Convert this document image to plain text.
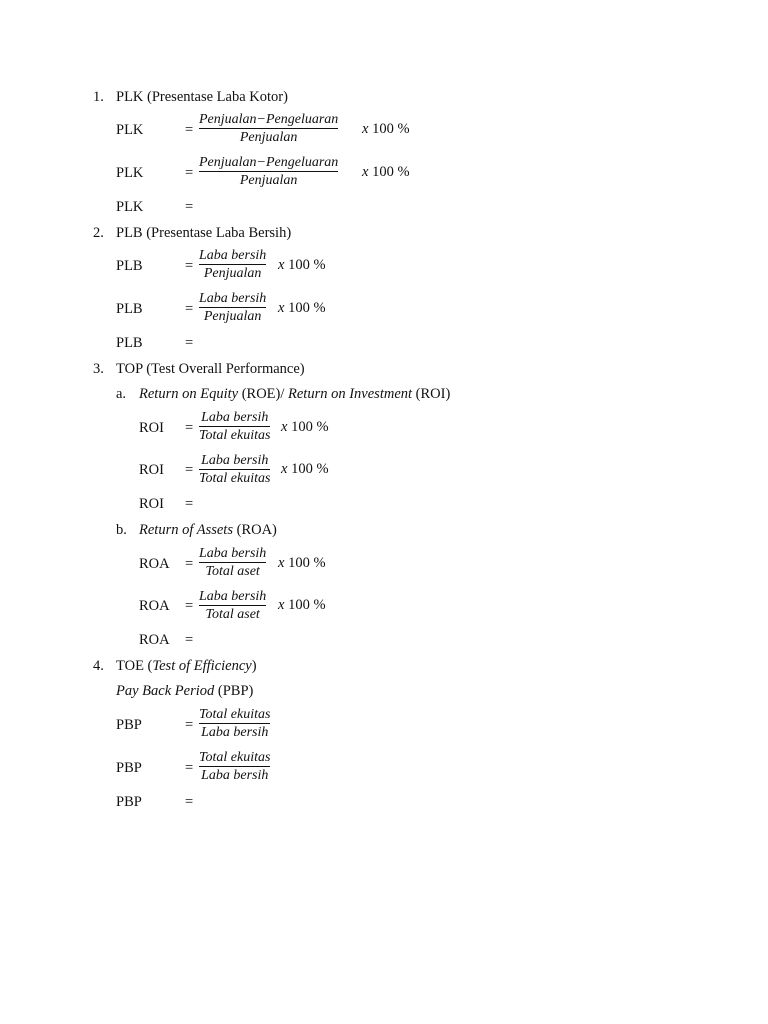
1. PLK (Presentase Laba Kotor)
PLK	=
Penjualan−Pengeluaran
Penjualan
x 100 %
PLK	=
Penjualan−Pengeluaran
Penjualan
x 100 %
PLK	=
2. PLB (Presentase Laba Bersih)
PLB	=
Laba bersih
Penjualan
x 100 %
PLB	=
Laba bersih
Penjualan
x 100 %
PLB	=
3. TOP (Test Overall Performance)
a. Return on Equity (ROE)/ Return on Investment (ROI)
ROI =
Laba bersih
Total ekuitas
x 100 %
ROI =
Laba bersih
Total ekuitas
x 100 %
ROI =
b. Return of Assets (ROA)
ROA =
Laba bersih
Total aset
x 100 %
ROA =
Laba bersih
Total aset
x 100 %
ROA =
4. TOE (Test of Efficiency)
Pay Back Period (PBP)
PBP	=
Total ekuitas
Laba bersih
PBP	=
Total ekuitas
Laba bersih
PBP	=
